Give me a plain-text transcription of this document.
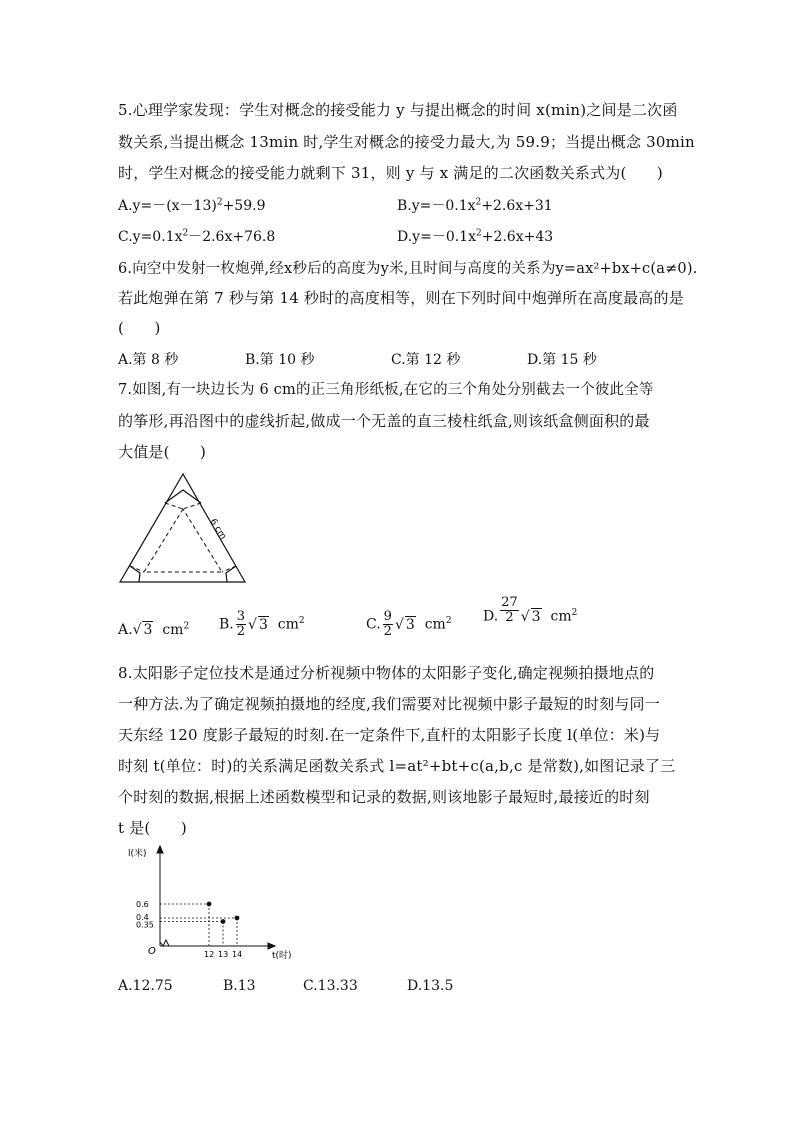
5.心理学家发现：学生对概念的接受能力 y 与提出概念的时间 x(min)之间是二次函
数关系,当提出概念 13min 时,学生对概念的接受力最大,为 59.9；当提出概念 30min
时，学生对概念的接受能力就剩下 31，则 y 与 x 满足的二次函数关系式为(　　)
$A.y=-(x-13)^2+59.9$	$B.y=-0.1x^2+2.6x+31$
$C.y=0.1x^2-2.6x+76.8$	$D.y=-0.1x^2+2.6x+43$
6.向空中发射一枚炮弹,经x秒后的高度为y米,且时间与高度的关系为y=ax²+bx+c(a≠0).
若此炮弹在第 7 秒与第 14 秒时的高度相等，则在下列时间中炮弹所在高度最高的是
(　　)
A.第 8 秒	B.第 10 秒	C.第 12 秒	D.第 15 秒
7.如图,有一块边长为 6 cm的正三角形纸板,在它的三个角处分别截去一个彼此全等
的筝形,再沿图中的虚线折起,做成一个无盖的直三棱柱纸盒,则该纸盒侧面积的最
大值是(　　)
6 cm
A.√ 3 $cm^2$ B. $\frac{3}{2}$ √ 3 $cm^2$	C. $\frac{9}{2}$ √ 3 $cm^2$ D. $\frac{27}{2}$ √ 3 $cm^2$
8.太阳影子定位技术是通过分析视频中物体的太阳影子变化,确定视频拍摄地点的
一种方法.为了确定视频拍摄地的经度,我们需要对比视频中影子最短的时刻与同一
天东经 120 度影子最短的时刻.在一定条件下,直杆的太阳影子长度 l(单位：米)与
时刻 t(单位：时)的关系满足函数关系式 l=at²+bt+c(a,b,c 是常数),如图记录了三
个时刻的数据,根据上述函数模型和记录的数据,则该地影子最短时,最接近的时刻
t 是(　　)
l(米)
t(时)
O	12 13 14
0.6
0.35
0.4
A.12.75	B.13	C.13.33	D.13.5
